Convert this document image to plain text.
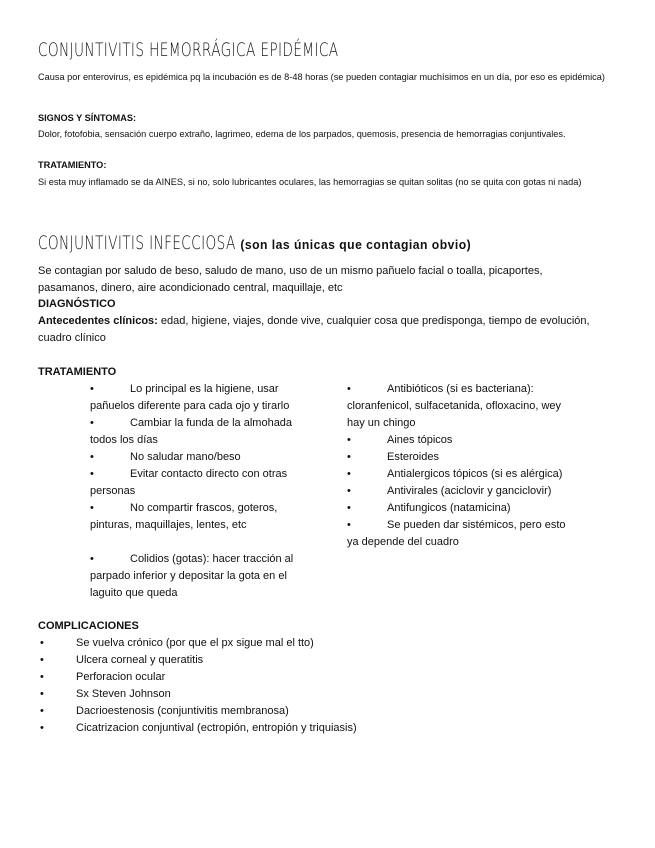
CONJUNTIVITIS HEMORRÁGICA EPIDÉMICA
Causa por enterovirus, es epidémica pq la incubación es de 8-48 horas (se pueden contagiar muchísimos en un día, por eso es epidémica)
SIGNOS Y SÍNTOMAS:
Dolor, fotofobia, sensación cuerpo extraño, lagrimeo, edema de los parpados, quemosis, presencia de hemorragias conjuntivales.
TRATAMIENTO:
Si esta muy inflamado se da AINES, si no, solo lubricantes oculares, las hemorragias se quitan solitas (no se quita con gotas ni nada)
CONJUNTIVITIS INFECCIOSA (son las únicas que contagian obvio)
Se contagian por saludo de beso, saludo de mano, uso de un mismo pañuelo facial o toalla, picaportes, pasamanos, dinero, aire acondicionado central, maquillaje, etc
DIAGNÓSTICO
Antecedentes clínicos: edad, higiene, viajes, donde vive, cualquier cosa que predisponga, tiempo de evolución, cuadro clínico
TRATAMIENTO
• Lo principal es la higiene, usar pañuelos diferente para cada ojo y tirarlo
• Cambiar la funda de la almohada todos los días
• No saludar mano/beso
• Evitar contacto directo con otras personas
• No compartir frascos, goteros, pinturas, maquillajes, lentes, etc
• Colidios (gotas): hacer tracción al parpado inferior y depositar la gota en el laguito que queda
• Antibióticos (si es bacteriana): cloranfenicol, sulfacetanida, ofloxacino, wey hay un chingo
• Aines tópicos
• Esteroides
• Antialergicos tópicos (si es alérgica)
• Antivirales (aciclovir y ganciclovir)
• Antifungicos (natamicina)
• Se pueden dar sistémicos, pero esto ya depende del cuadro
COMPLICACIONES
• Se vuelva crónico (por que el px sigue mal el tto)
• Ulcera corneal y queratitis
• Perforacion ocular
• Sx Steven Johnson
• Dacrioestenosis (conjuntivitis membranosa)
• Cicatrizacion conjuntival (ectropión, entropión y triquiasis)
